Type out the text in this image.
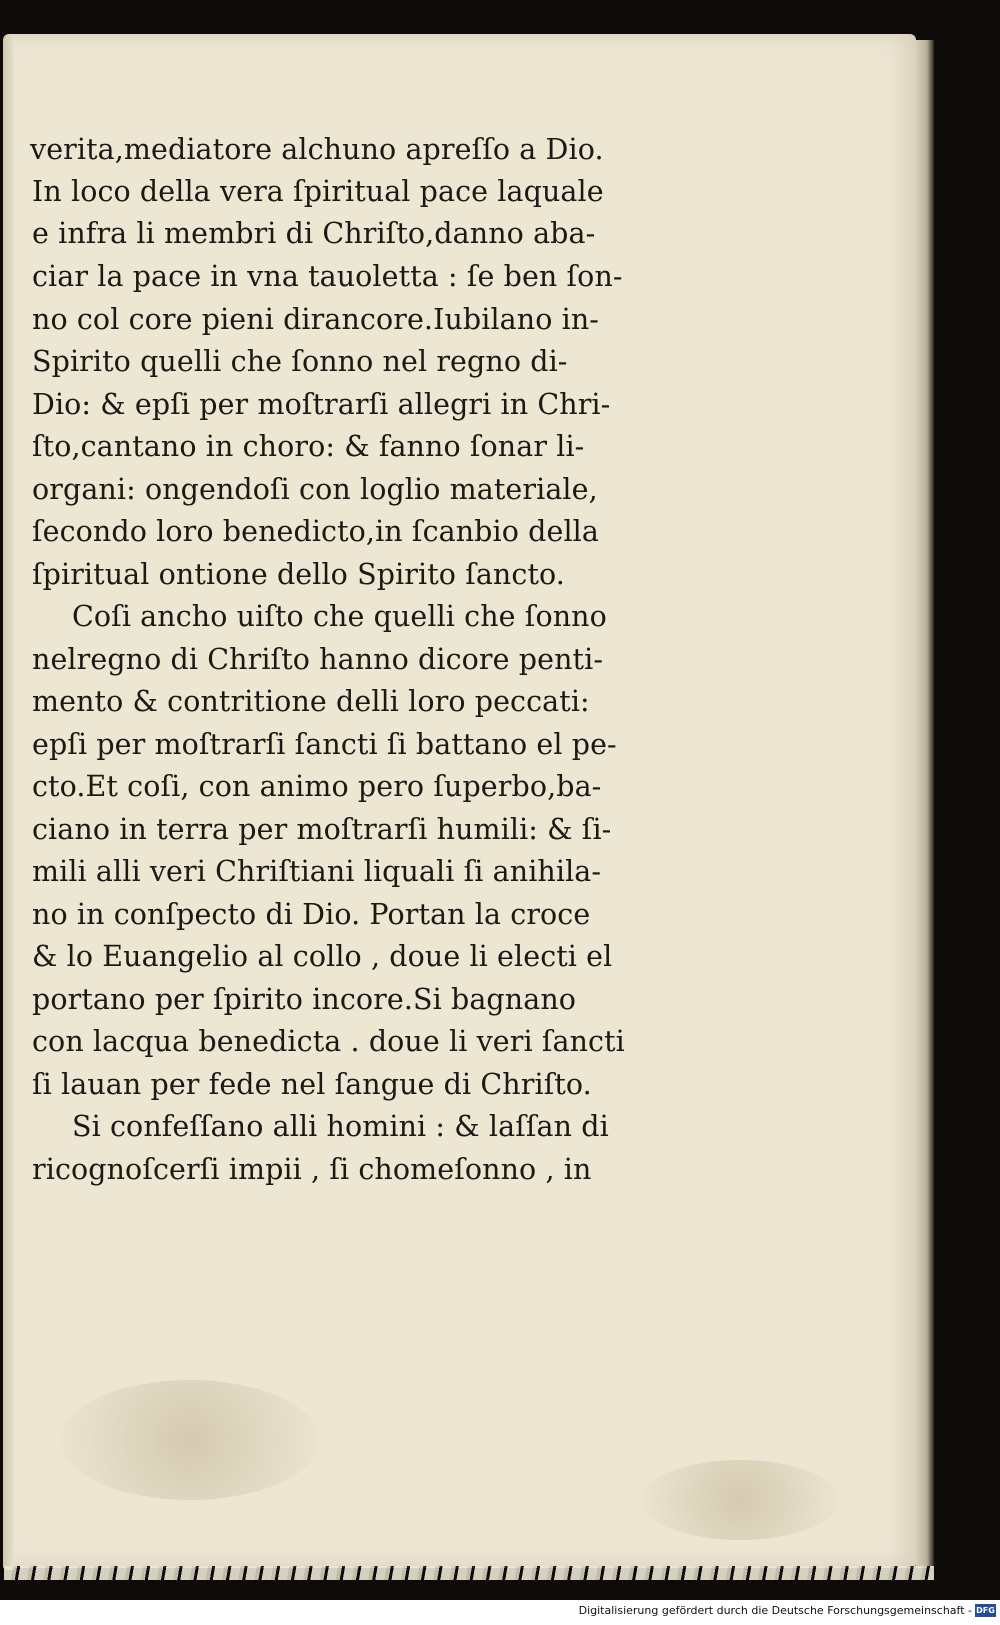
verita,mediatore alchuno apreſſo a Dio.

In loco della vera ſpiritual pace laquale

e infra li membri di Chriſto,danno aba-

ciar la pace in vna tauoletta : ſe ben ſon-

no col core pieni dirancore.Iubilano in-

Spirito quelli che ſonno nel regno di-

Dio: & epſi per moſtrarſi allegri in Chri-

ſto,cantano in choro: & fanno ſonar li-

organi: ongendoſi con loglio materiale,

ſecondo loro benedicto,in ſcanbio della

ſpiritual ontione dello Spirito ſancto.

Coſi ancho uiſto che quelli che ſonno

nelregno di Chriſto hanno dicore penti-

mento & contritione delli loro peccati:

epſi per moſtrarſi ſancti ſi battano el pe-

cto.Et coſi, con animo pero ſuperbo,ba-

ciano in terra per moſtrarſi humili: & ſi-

mili alli veri Chriſtiani liquali ſi anihila-

no in conſpecto di Dio. Portan la croce

& lo Euangelio al collo , doue li electi el

portano per ſpirito incore.Si bagnano

con lacqua benedicta . doue li veri ſancti

ſi lauan per fede nel ſangue di Chriſto.

Si confeſſano alli homini : & laſſan di

ricognoſcerſi impii , ſi chomeſonno , in

Digitalisierung gefördert durch die Deutsche Forschungsgemeinschaft - DFG
